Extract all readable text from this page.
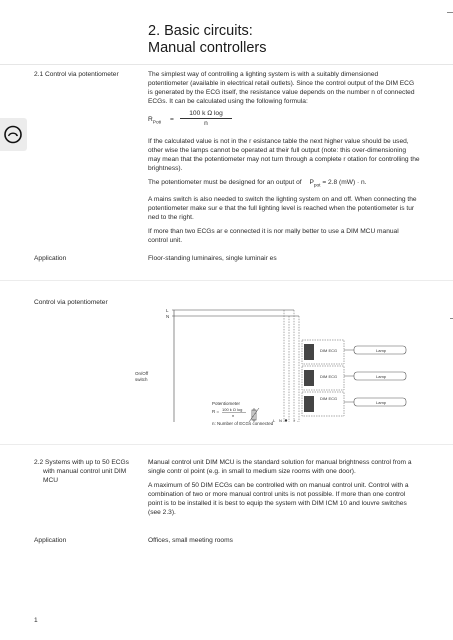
2. Basic circuits:
Manual controllers
2.1 Control via potentiometer	The simplest way of controlling a lighting system is with a suitably dimensioned potentiometer (available in electrical retail outlets). Since the control output of the DIM ECG is generated by the ECG itself, the resistance value depends on the number n of connected ECGs. It can be calculated using the following formula:

$R_{Poti} = \frac{\text{100 k Ω log}}{n}$

If the calculated value is not in the r esistance table the next higher value should be used, other wise the lamps cannot be operated at their full output (note: this over-dimensioning may mean that the potentiometer may not turn through a complete r otation for controlling the brightness).

The potentiometer must be designed for an output of $P_{pot} = 2.8$ (mW) · n.

A mains switch is also needed to switch the lighting system on and off. When connecting the potentiometer make sur e that the full lighting level is reached when the potentiometer is tur ned to the right.

If more than two ECGs ar e connected it is nor mally better to use a DIM MCU manual control unit.

Application	Floor-standing luminaires, single luminair es
Control via potentiometer
L
N
On/Off
switch
DIM ECG
DIM ECG
DIM ECG
Lamp
Lamp
Lamp
Potentiometer
R = 100 k Ω log
n
n: Number of ECGs connected
L N	+ -
2.2 Systems with up to 50 ECGs
with manual control unit DIM
MCU

Manual control unit DIM MCU is the standard solution for manual brightness control from a single contr ol point (e.g. in small to medium size rooms with one door).

A maximum of 50 DIM ECGs can be controlled with on manual control unit. Control with a combination of two or more manual control units is not possible. If more than one control point is to be installed it is best to equip the system with DIM ICM 10 and louvre switches (see 2.3).

Application	Offices, small meeting rooms
1
